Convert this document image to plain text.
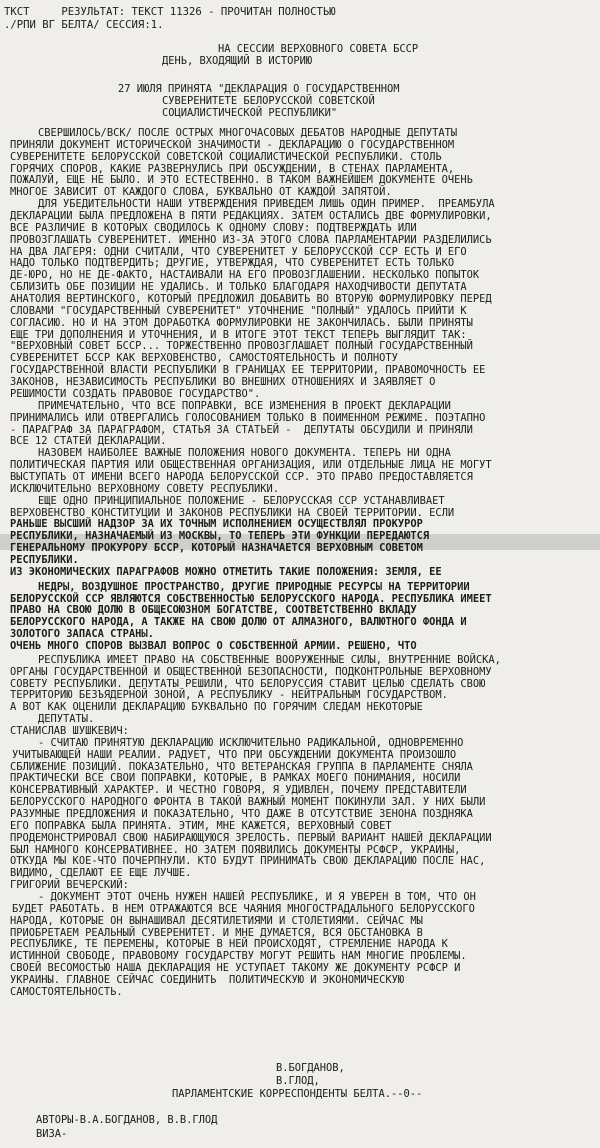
ТКСТ     РЕЗУЛЬТАТ: ТЕКСТ 11326 - ПРОЧИТАН ПОЛНОСТЬЮ
./РПИ ВГ БЕЛТА/ СЕССИЯ:1.
НА СЕССИИ ВЕРХОВНОГО СОВЕТА БССР
ДЕНЬ, ВХОДЯЩИЙ В ИСТОРИЮ
27 ИЮЛЯ ПРИНЯТА "ДЕКЛАРАЦИЯ О ГОСУДАРСТВЕННОМ
СУВЕРЕНИТЕТЕ БЕЛОРУССКОЙ СОВЕТСКОЙ
СОЦИАЛИСТИЧЕСКОЙ РЕСПУБЛИКИ"
СВЕРШИЛОСЬ/ВСК/ ПОСЛЕ ОСТРЫХ МНОГОЧАСОВЫХ ДЕБАТОВ НАРОДНЫЕ ДЕПУТАТЫ
ПРИНЯЛИ ДОКУМЕНТ ИСТОРИЧЕСКОЙ ЗНАЧИМОСТИ - ДЕКЛАРАЦИЮ О ГОСУДАРСТВЕННОМ
СУВЕРЕНИТЕТЕ БЕЛОРУССКОЙ СОВЕТСКОЙ СОЦИАЛИСТИЧЕСКОЙ РЕСПУБЛИКИ. СТОЛЬ
ГОРЯЧИХ СПОРОВ, КАКИЕ РАЗВЕРНУЛИСЬ ПРИ ОБСУЖДЕНИИ, В СТЕНАХ ПАРЛАМЕНТА,
ПОЖАЛУЙ, ЕЩЕ НЕ БЫЛО. И ЭТО ЕСТЕСТВЕННО. В ТАКОМ ВАЖНЕЙШЕМ ДОКУМЕНТЕ ОЧЕНЬ
МНОГОЕ ЗАВИСИТ ОТ КАЖДОГО СЛОВА, БУКВАЛЬНО ОТ КАЖДОЙ ЗАПЯТОЙ.
ДЛЯ УБЕДИТЕЛЬНОСТИ НАШИ УТВЕРЖДЕНИЯ ПРИВЕДЕМ ЛИШЬ ОДИН ПРИМЕР.  ПРЕАМБУЛА
ДЕКЛАРАЦИИ БЫЛА ПРЕДЛОЖЕНА В ПЯТИ РЕДАКЦИЯХ. ЗАТЕМ ОСТАЛИСЬ ДВЕ ФОРМУЛИРОВКИ,
ВСЕ РАЗЛИЧИЕ В КОТОРЫХ СВОДИЛОСЬ К ОДНОМУ СЛОВУ: ПОДТВЕРЖДАТЬ ИЛИ
ПРОВОЗГЛАШАТЬ СУВЕРЕНИТЕТ. ИМЕННО ИЗ-ЗА ЭТОГО СЛОВА ПАРЛАМЕНТАРИИ РАЗДЕЛИЛИСЬ
НА ДВА ЛАГЕРЯ: ОДНИ СЧИТАЛИ, ЧТО СУВЕРЕНИТЕТ У БЕЛОРУССКОЙ ССР ЕСТЬ И ЕГО
НАДО ТОЛЬКО ПОДТВЕРДИТЬ; ДРУГИЕ, УТВЕРЖДАЯ, ЧТО СУВЕРЕНИТЕТ ЕСТЬ ТОЛЬКО
ДЕ-ЮРО, НО НЕ ДЕ-ФАКТО, НАСТАИВАЛИ НА ЕГО ПРОВОЗГЛАШЕНИИ. НЕСКОЛЬКО ПОПЫТОК
СБЛИЗИТЬ ОБЕ ПОЗИЦИИ НЕ УДАЛИСЬ. И ТОЛЬКО БЛАГОДАРЯ НАХОДЧИВОСТИ ДЕПУТАТА
АНАТОЛИЯ ВЕРТИНСКОГО, КОТОРЫЙ ПРЕДЛОЖИЛ ДОБАВИТЬ ВО ВТОРУЮ ФОРМУЛИРОВКУ ПЕРЕД
СЛОВАМИ "ГОСУДАРСТВЕННЫЙ СУВЕРЕНИТЕТ" УТОЧНЕНИЕ "ПОЛНЫЙ" УДАЛОСЬ ПРИЙТИ К
СОГЛАСИЮ. НО И НА ЭТОМ ДОРАБОТКА ФОРМУЛИРОВКИ НЕ ЗАКОНЧИЛАСЬ. БЫЛИ ПРИНЯТЫ
ЕЩЕ ТРИ ДОПОЛНЕНИЯ И УТОЧНЕНИЯ, И В ИТОГЕ ЭТОТ ТЕКСТ ТЕПЕРЬ ВЫГЛЯДИТ ТАК:
"ВЕРХОВНЫЙ СОВЕТ БССР... ТОРЖЕСТВЕННО ПРОВОЗГЛАШАЕТ ПОЛНЫЙ ГОСУДАРСТВЕННЫЙ
СУВЕРЕНИТЕТ БССР КАК ВЕРХОВЕНСТВО, САМОСТОЯТЕЛЬНОСТЬ И ПОЛНОТУ
ГОСУДАРСТВЕННОЙ ВЛАСТИ РЕСПУБЛИКИ В ГРАНИЦАХ ЕЕ ТЕРРИТОРИИ, ПРАВОМОЧНОСТЬ ЕЕ
ЗАКОНОВ, НЕЗАВИСИМОСТЬ РЕСПУБЛИКИ ВО ВНЕШНИХ ОТНОШЕНИЯХ И ЗАЯВЛЯЕТ О
РЕШИМОСТИ СОЗДАТЬ ПРАВОВОЕ ГОСУДАРСТВО".
ПРИМЕЧАТЕЛЬНО, ЧТО ВСЕ ПОПРАВКИ, ВСЕ ИЗМЕНЕНИЯ В ПРОЕКТ ДЕКЛАРАЦИИ
ПРИНИМАЛИСЬ ИЛИ ОТВЕРГАЛИСЬ ГОЛОСОВАНИЕМ ТОЛЬКО В ПОИМЕННОМ РЕЖИМЕ. ПОЭТАПНО
- ПАРАГРАФ ЗА ПАРАГРАФОМ, СТАТЬЯ ЗА СТАТЬЕЙ -  ДЕПУТАТЫ ОБСУДИЛИ И ПРИНЯЛИ
ВСЕ 12 СТАТЕЙ ДЕКЛАРАЦИИ.
НАЗОВЕМ НАИБОЛЕЕ ВАЖНЫЕ ПОЛОЖЕНИЯ НОВОГО ДОКУМЕНТА. ТЕПЕРЬ НИ ОДНА
ПОЛИТИЧЕСКАЯ ПАРТИЯ ИЛИ ОБЩЕСТВЕННАЯ ОРГАНИЗАЦИЯ, ИЛИ ОТДЕЛЬНЫЕ ЛИЦА НЕ МОГУТ
ВЫСТУПАТЬ ОТ ИМЕНИ ВСЕГО НАРОДА БЕЛОРУССКОЙ ССР. ЭТО ПРАВО ПРЕДОСТАВЛЯЕТСЯ
ИСКЛЮЧИТЕЛЬНО ВЕРХОВНОМУ СОВЕТУ РЕСПУБЛИКИ.
ЕЩЕ ОДНО ПРИНЦИПИАЛЬНОЕ ПОЛОЖЕНИЕ - БЕЛОРУССКАЯ ССР УСТАНАВЛИВАЕТ
ВЕРХОВЕНСТВО КОНСТИТУЦИИ И ЗАКОНОВ РЕСПУБЛИКИ НА СВОЕЙ ТЕРРИТОРИИ. ЕСЛИ
РАНЬШЕ ВЫСШИЙ НАДЗОР ЗА ИХ ТОЧНЫМ ИСПОЛНЕНИЕМ ОСУЩЕСТВЛЯЛ ПРОКУРОР
РЕСПУБЛИКИ, НАЗНАЧАЕМЫЙ ИЗ МОСКВЫ, ТО ТЕПЕРЬ ЭТИ ФУНКЦИИ ПЕРЕДАЮТСЯ
ГЕНЕРАЛЬНОМУ ПРОКУРОРУ БССР, КОТОРЫЙ НАЗНАЧАЕТСЯ ВЕРХОВНЫМ СОВЕТОМ
РЕСПУБЛИКИ.
ИЗ ЭКОНОМИЧЕСКИХ ПАРАГРАФОВ МОЖНО ОТМЕТИТЬ ТАКИЕ ПОЛОЖЕНИЯ: ЗЕМЛЯ, ЕЕ
НЕДРЫ, ВОЗДУШНОЕ ПРОСТРАНСТВО, ДРУГИЕ ПРИРОДНЫЕ РЕСУРСЫ НА ТЕРРИТОРИИ
БЕЛОРУССКОЙ ССР ЯВЛЯЮТСЯ СОБСТВЕННОСТЬЮ БЕЛОРУССКОГО НАРОДА. РЕСПУБЛИКА ИМЕЕТ
ПРАВО НА СВОЮ ДОЛЮ В ОБЩЕСОЮЗНОМ БОГАТСТВЕ, СООТВЕТСТВЕННО ВКЛАДУ
БЕЛОРУССКОГО НАРОДА, А ТАКЖЕ НА СВОЮ ДОЛЮ ОТ АЛМАЗНОГО, ВАЛЮТНОГО ФОНДА И
ЗОЛОТОГО ЗАПАСА СТРАНЫ.
ОЧЕНЬ МНОГО СПОРОВ ВЫЗВАЛ ВОПРОС О СОБСТВЕННОЙ АРМИИ. РЕШЕНО, ЧТО
РЕСПУБЛИКА ИМЕЕТ ПРАВО НА СОБСТВЕННЫЕ ВООРУЖЕННЫЕ СИЛЫ, ВНУТРЕННИЕ ВОЙСКА,
ОРГАНЫ ГОСУДАРСТВЕННОЙ И ОБЩЕСТВЕННОЙ БЕЗОПАСНОСТИ, ПОДКОНТРОЛЬНЫЕ ВЕРХОВНОМУ
СОВЕТУ РЕСПУБЛИКИ. ДЕПУТАТЫ РЕШИЛИ, ЧТО БЕЛОРУССИЯ СТАВИТ ЦЕЛЬЮ СДЕЛАТЬ СВОЮ
ТЕРРИТОРИЮ БЕЗЪЯДЕРНОЙ ЗОНОЙ, А РЕСПУБЛИКУ - НЕЙТРАЛЬНЫМ ГОСУДАРСТВОМ.
А ВОТ КАК ОЦЕНИЛИ ДЕКЛАРАЦИЮ БУКВАЛЬНО ПО ГОРЯЧИМ СЛЕДАМ НЕКОТОРЫЕ
ДЕПУТАТЫ.
СТАНИСЛАВ ШУШКЕВИЧ:
- СЧИТАЮ ПРИНЯТУЮ ДЕКЛАРАЦИЮ ИСКЛЮЧИТЕЛЬНО РАДИКАЛЬНОЙ, ОДНОВРЕМЕННО
УЧИТЫВАЮЩЕЙ НАШИ РЕАЛИИ. РАДУЕТ, ЧТО ПРИ ОБСУЖДЕНИИ ДОКУМЕНТА ПРОИЗОШЛО
СБЛИЖЕНИЕ ПОЗИЦИЙ. ПОКАЗАТЕЛЬНО, ЧТО ВЕТЕРАНСКАЯ ГРУППА В ПАРЛАМЕНТЕ СНЯЛА
ПРАКТИЧЕСКИ ВСЕ СВОИ ПОПРАВКИ, КОТОРЫЕ, В РАМКАХ МОЕГО ПОНИМАНИЯ, НОСИЛИ
КОНСЕРВАТИВНЫЙ ХАРАКТЕР. И ЧЕСТНО ГОВОРЯ, Я УДИВЛЕН, ПОЧЕМУ ПРЕДСТАВИТЕЛИ
БЕЛОРУССКОГО НАРОДНОГО ФРОНТА В ТАКОЙ ВАЖНЫЙ МОМЕНТ ПОКИНУЛИ ЗАЛ. У НИХ БЫЛИ
РАЗУМНЫЕ ПРЕДЛОЖЕНИЯ И ПОКАЗАТЕЛЬНО, ЧТО ДАЖЕ В ОТСУТСТВИЕ ЗЕНОНА ПОЗДНЯКА
ЕГО ПОПРАВКА БЫЛА ПРИНЯТА. ЭТИМ, МНЕ КАЖЕТСЯ, ВЕРХОВНЫЙ СОВЕТ
ПРОДЕМОНСТРИРОВАЛ СВОЮ НАБИРАЮЩУЮСЯ ЗРЕЛОСТЬ. ПЕРВЫЙ ВАРИАНТ НАШЕЙ ДЕКЛАРАЦИИ
БЫЛ НАМНОГО КОНСЕРВАТИВНЕЕ. НО ЗАТЕМ ПОЯВИЛИСЬ ДОКУМЕНТЫ РСФСР, УКРАИНЫ,
ОТКУДА МЫ КОЕ-ЧТО ПОЧЕРПНУЛИ. КТО БУДУТ ПРИНИМАТЬ СВОЮ ДЕКЛАРАЦИЮ ПОСЛЕ НАС,
ВИДИМО, СДЕЛАЮТ ЕЕ ЕЩЕ ЛУЧШЕ.
ГРИГОРИЙ ВЕЧЕРСКИЙ:
- ДОКУМЕНТ ЭТОТ ОЧЕНЬ НУЖЕН НАШЕЙ РЕСПУБЛИКЕ, И Я УВЕРЕН В ТОМ, ЧТО ОН
БУДЕТ РАБОТАТЬ. В НЕМ ОТРАЖАЮТСЯ ВСЕ ЧАЯНИЯ МНОГОСТРАДАЛЬНОГО БЕЛОРУССКОГО
НАРОДА, КОТОРЫЕ ОН ВЫНАШИВАЛ ДЕСЯТИЛЕТИЯМИ И СТОЛЕТИЯМИ. СЕЙЧАС МЫ
ПРИОБРЕТАЕМ РЕАЛЬНЫЙ СУВЕРЕНИТЕТ. И МНЕ ДУМАЕТСЯ, ВСЯ ОБСТАНОВКА В
РЕСПУБЛИКЕ, ТЕ ПЕРЕМЕНЫ, КОТОРЫЕ В НЕЙ ПРОИСХОДЯТ, СТРЕМЛЕНИЕ НАРОДА К
ИСТИННОЙ СВОБОДЕ, ПРАВОВОМУ ГОСУДАРСТВУ МОГУТ РЕШИТЬ НАМ МНОГИЕ ПРОБЛЕМЫ.
СВОЕЙ ВЕСОМОСТЬЮ НАША ДЕКЛАРАЦИЯ НЕ УСТУПАЕТ ТАКОМУ ЖЕ ДОКУМЕНТУ РСФСР И
УКРАИНЫ. ГЛАВНОЕ СЕЙЧАС СОЕДИНИТЬ  ПОЛИТИЧЕСКУЮ И ЭКОНОМИЧЕСКУЮ
САМОСТОЯТЕЛЬНОСТЬ.
В.БОГДАНОВ,
В.ГЛОД,
ПАРЛАМЕНТСКИЕ КОРРЕСПОНДЕНТЫ БЕЛТА.--0--
АВТОРЫ-В.А.БОГДАНОВ, В.В.ГЛОД
ВИЗА-
